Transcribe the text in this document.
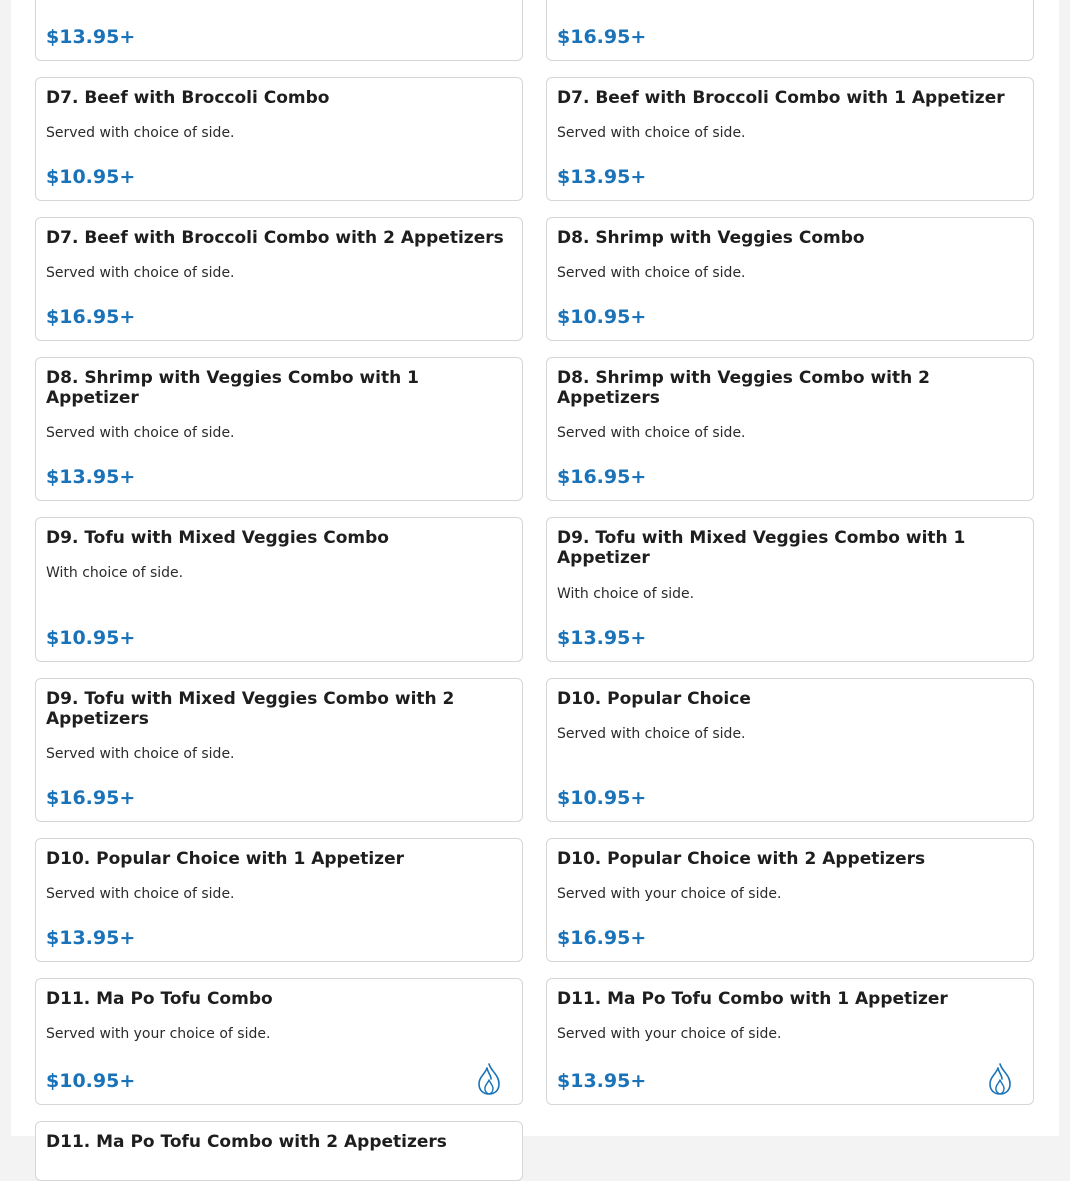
$13.95+	$16.95+
D7. Beef with Broccoli Combo
Served with choice of side.
$10.95+
D7. Beef with Broccoli Combo with 1 Appetizer
Served with choice of side.
$13.95+
D7. Beef with Broccoli Combo with 2 Appetizers
Served with choice of side.
$16.95+
D8. Shrimp with Veggies Combo
Served with choice of side.
$10.95+
D8. Shrimp with Veggies Combo with 1 Appetizer
Served with choice of side.
$13.95+
D8. Shrimp with Veggies Combo with 2 Appetizers
Served with choice of side.
$16.95+
D9. Tofu with Mixed Veggies Combo
With choice of side.
$10.95+
D9. Tofu with Mixed Veggies Combo with 1 Appetizer
With choice of side.
$13.95+
D9. Tofu with Mixed Veggies Combo with 2 Appetizers
Served with choice of side.
$16.95+
D10. Popular Choice
Served with choice of side.
$10.95+
D10. Popular Choice with 1 Appetizer
Served with choice of side.
$13.95+
D10. Popular Choice with 2 Appetizers
Served with your choice of side.
$16.95+
D11. Ma Po Tofu Combo
Served with your choice of side.
$10.95+
D11. Ma Po Tofu Combo with 1 Appetizer
Served with your choice of side.
$13.95+
D11. Ma Po Tofu Combo with 2 Appetizers
